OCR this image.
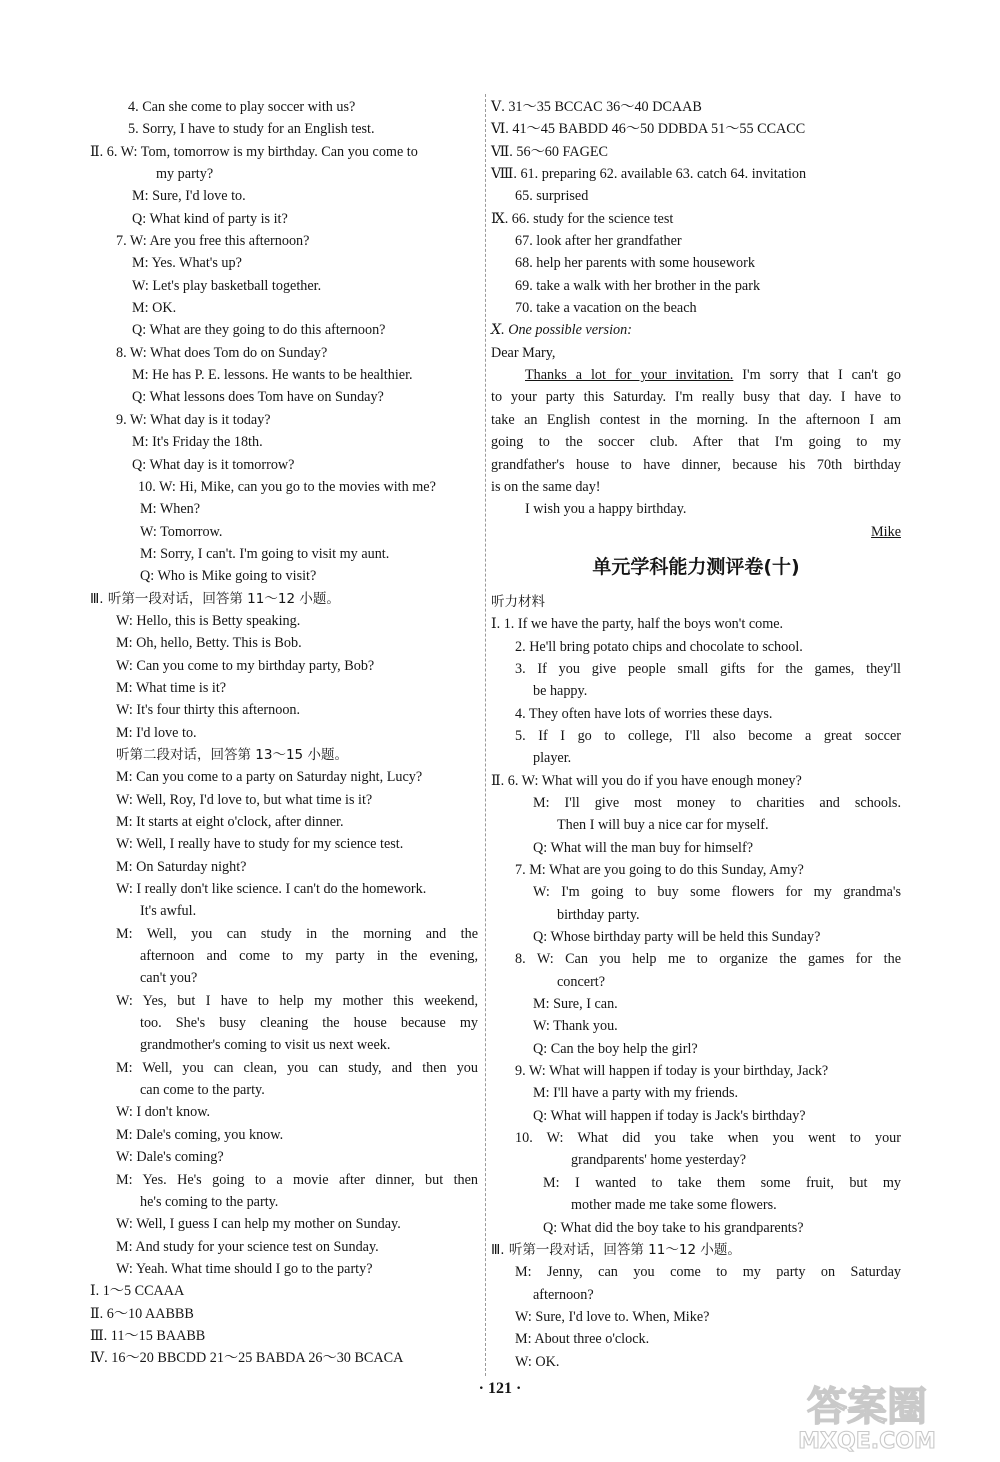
4. Can she come to play soccer with us?
5. Sorry, I have to study for an English test.
Ⅱ. 6. W: Tom, tomorrow is my birthday. Can you come to
my party?
M: Sure, I'd love to.
Q: What kind of party is it?
7. W: Are you free this afternoon?
M: Yes. What's up?
W: Let's play basketball together.
M: OK.
Q: What are they going to do this afternoon?
8. W: What does Tom do on Sunday?
M: He has P. E. lessons. He wants to be healthier.
Q: What lessons does Tom have on Sunday?
9. W: What day is it today?
M: It's Friday the 18th.
Q: What day is it tomorrow?
10. W: Hi, Mike, can you go to the movies with me?
M: When?
W: Tomorrow.
M: Sorry, I can't. I'm going to visit my aunt.
Q: Who is Mike going to visit?
Ⅲ. 听第一段对话，回答第 11～12 小题。
W: Hello, this is Betty speaking.
M: Oh, hello, Betty. This is Bob.
W: Can you come to my birthday party, Bob?
M: What time is it?
W: It's four thirty this afternoon.
M: I'd love to.
听第二段对话，回答第 13～15 小题。
M: Can you come to a party on Saturday night, Lucy?
W: Well, Roy, I'd love to, but what time is it?
M: It starts at eight o'clock, after dinner.
W: Well, I really have to study for my science test.
M: On Saturday night?
W: I really don't like science. I can't do the homework.
It's awful.
M: Well, you can study in the morning and the
afternoon and come to my party in the evening,
can't you?
W: Yes, but I have to help my mother this weekend,
too. She's busy cleaning the house because my
grandmother's coming to visit us next week.
M: Well, you can clean, you can study, and then you
can come to the party.
W: I don't know.
M: Dale's coming, you know.
W: Dale's coming?
M: Yes. He's going to a movie after dinner, but then
he's coming to the party.
W: Well, I guess I can help my mother on Sunday.
M: And study for your science test on Sunday.
W: Yeah. What time should I go to the party?
Ⅰ. 1～5 CCAAA
Ⅱ. 6～10 AABBB
Ⅲ. 11～15 BAABB
Ⅳ. 16～20 BBCDD 21～25 BABDA 26～30 BCACA
Ⅴ. 31～35 BCCAC 36～40 DCAAB
Ⅵ. 41～45 BABDD 46～50 DDBDA 51～55 CCACC
Ⅶ. 56～60 FAGEC
Ⅷ. 61. preparing 62. available 63. catch 64. invitation
65. surprised
Ⅸ. 66. study for the science test
67. look after her grandfather
68. help her parents with some housework
69. take a walk with her brother in the park
70. take a vacation on the beach
Ⅹ. One possible version:
Dear Mary,
Thanks a lot for your invitation. I'm sorry that I can't go
to your party this Saturday. I'm really busy that day. I have to
take an English contest in the morning. In the afternoon I am
going to the soccer club. After that I'm going to my
grandfather's house to have dinner, because his 70th birthday
is on the same day!
I wish you a happy birthday.
Mike
单元学科能力测评卷(十)
听力材料
Ⅰ. 1. If we have the party, half the boys won't come.
2. He'll bring potato chips and chocolate to school.
3. If you give people small gifts for the games, they'll
be happy.
4. They often have lots of worries these days.
5. If I go to college, I'll also become a great soccer
player.
Ⅱ. 6. W: What will you do if you have enough money?
M: I'll give most money to charities and schools.
Then I will buy a nice car for myself.
Q: What will the man buy for himself?
7. M: What are you going to do this Sunday, Amy?
W: I'm going to buy some flowers for my grandma's
birthday party.
Q: Whose birthday party will be held this Sunday?
8. W: Can you help me to organize the games for the
concert?
M: Sure, I can.
W: Thank you.
Q: Can the boy help the girl?
9. W: What will happen if today is your birthday, Jack?
M: I'll have a party with my friends.
Q: What will happen if today is Jack's birthday?
10. W: What did you take when you went to your
grandparents' home yesterday?
M: I wanted to take them some fruit, but my
mother made me take some flowers.
Q: What did the boy take to his grandparents?
Ⅲ. 听第一段对话，回答第 11～12 小题。
M: Jenny, can you come to my party on Saturday
afternoon?
W: Sure, I'd love to. When, Mike?
M: About three o'clock.
W: OK.
· 121 ·	答案圈
MXQE.COM
